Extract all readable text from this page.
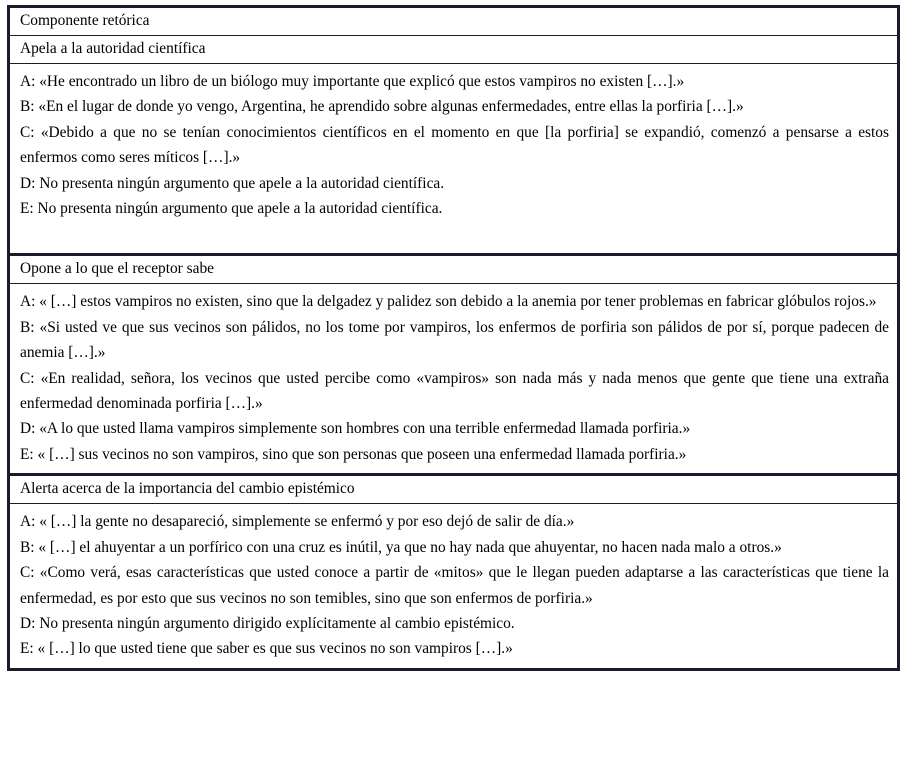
Componente retórica

Apela a la autoridad científica

A: «He encontrado un libro de un biólogo muy importante que explicó que estos vampiros no existen […].»

B: «En el lugar de donde yo vengo, Argentina, he aprendido sobre algunas enfermedades, entre ellas la porfiria […].»

C: «Debido a que no se tenían conocimientos científicos en el momento en que [la porfiria] se expandió, comenzó a pensarse a estos enfermos como seres míticos […].»

D: No presenta ningún argumento que apele a la autoridad científica.

E: No presenta ningún argumento que apele a la autoridad científica.

Opone a lo que el receptor sabe

A: « […] estos vampiros no existen, sino que la delgadez y palidez son debido a la anemia por tener problemas en fabricar glóbulos rojos.»

B: «Si usted ve que sus vecinos son pálidos, no los tome por vampiros, los enfermos de porfiria son pálidos de por sí, porque padecen de anemia […].»

C: «En realidad, señora, los vecinos que usted percibe como «vampiros» son nada más y nada menos que gente que tiene una extraña enfermedad denominada porfiria […].»

D: «A lo que usted llama vampiros simplemente son hombres con una terrible enfermedad llamada porfiria.»

E: « […] sus vecinos no son vampiros, sino que son personas que poseen una enfermedad llamada porfiria.»

Alerta acerca de la importancia del cambio epistémico

A: « […] la gente no desapareció, simplemente se enfermó y por eso dejó de salir de día.»

B: « […] el ahuyentar a un porfírico con una cruz es inútil, ya que no hay nada que ahuyentar, no hacen nada malo a otros.»

C: «Como verá, esas características que usted conoce a partir de «mitos» que le llegan pueden adaptarse a las características que tiene la enfermedad, es por esto que sus vecinos no son temibles, sino que son enfermos de porfiria.»

D: No presenta ningún argumento dirigido explícitamente al cambio epistémico.

E: « […] lo que usted tiene que saber es que sus vecinos no son vampiros […].»
